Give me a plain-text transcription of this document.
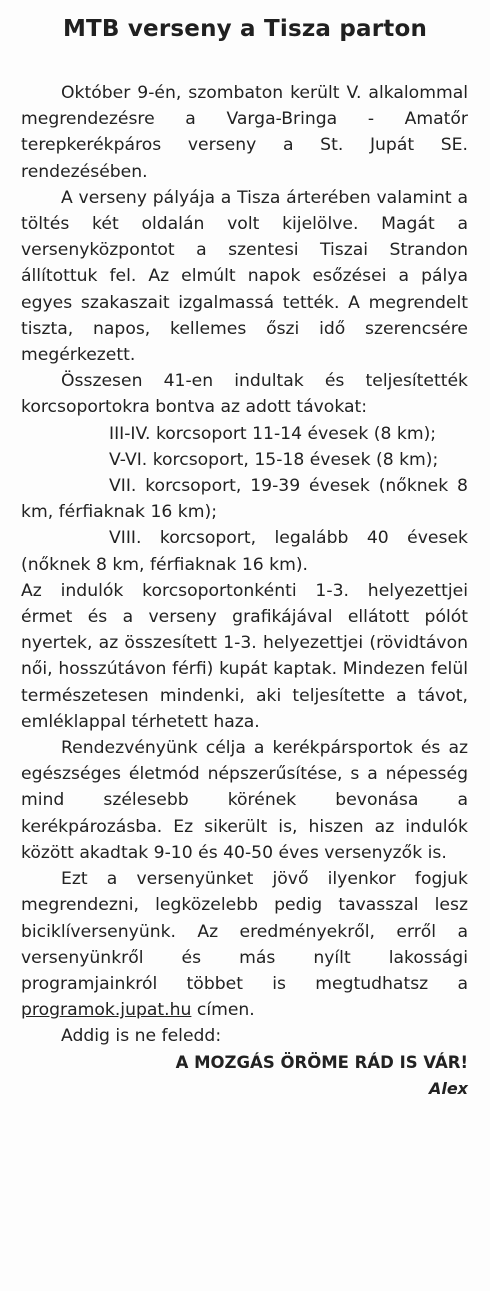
MTB verseny a Tisza parton

Október 9-én, szombaton került V. alkalommal megrendezésre a Varga-Bringa - Amatőr terepkerékpáros verseny a St. Jupát SE. rendezésében.

A verseny pályája a Tisza árterében valamint a töltés két oldalán volt kijelölve. Magát a versenyközpontot a szentesi Tiszai Strandon állítottuk fel. Az elmúlt napok esőzései a pálya egyes szakaszait izgalmassá tették. A megrendelt tiszta, napos, kellemes őszi idő szerencsére megérkezett.

Összesen 41-en indultak és teljesítették korcsoportokra bontva az adott távokat:

III-IV. korcsoport 11-14 évesek (8 km);

V-VI. korcsoport, 15-18 évesek (8 km);

VII. korcsoport, 19-39 évesek (nőknek 8 km, férfiaknak 16 km);

VIII. korcsoport, legalább 40 évesek (nőknek 8 km, férfiaknak 16 km).

Az indulók korcsoportonkénti 1-3. helyezettjei érmet és a verseny grafikájával ellátott pólót nyertek, az összesített 1-3. helyezettjei (rövidtávon női, hosszútávon férfi) kupát kaptak. Mindezen felül természetesen mindenki, aki teljesítette a távot, emléklappal térhetett haza.

Rendezvényünk célja a kerékpársportok és az egészséges életmód népszerűsítése, s a népesség mind szélesebb körének bevonása a kerékpározásba. Ez sikerült is, hiszen az indulók között akadtak 9-10 és 40-50 éves versenyzők is.

Ezt a versenyünket jövő ilyenkor fogjuk megrendezni, legközelebb pedig tavasszal lesz biciklíversenyünk. Az eredményekről, erről a versenyünkről és más nyílt lakossági programjainkról többet is megtudhatsz a programok.jupat.hu címen.

Addig is ne feledd:

A MOZGÁS ÖRÖME RÁD IS VÁR!

Alex
